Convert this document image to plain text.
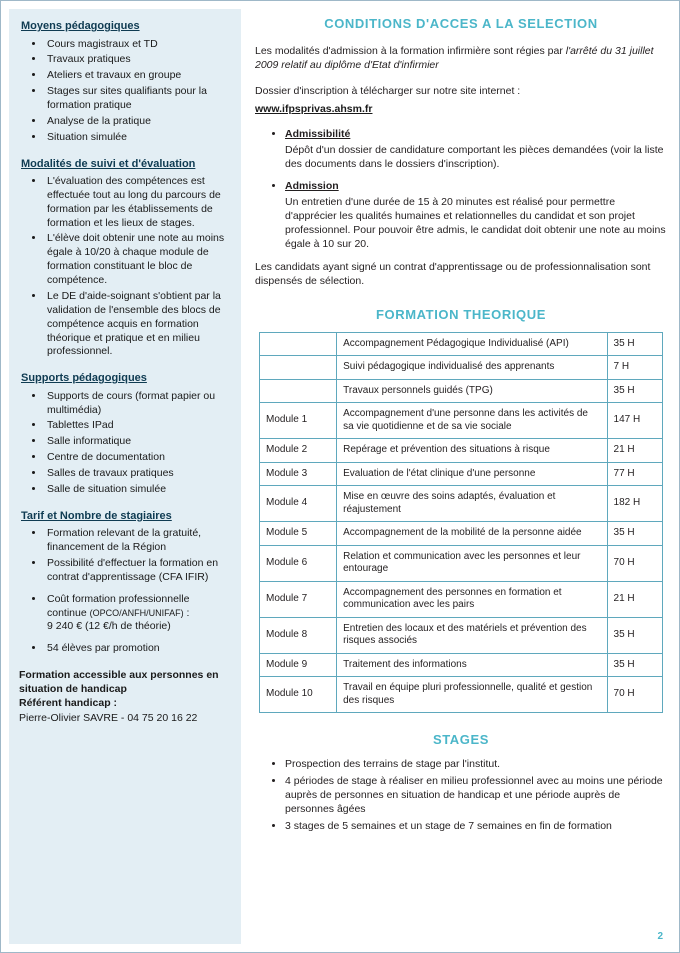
Moyens pédagogiques
• Cours magistraux et TD
• Travaux pratiques
• Ateliers et travaux en groupe
• Stages sur sites qualifiants pour la formation pratique
• Analyse de la pratique
• Situation simulée
Modalités de suivi et d'évaluation
• L'évaluation des compétences est effectuée tout au long du parcours de formation par les établissements de formation et les lieux de stages.
• L'élève doit obtenir une note au moins égale à 10/20 à chaque module de formation constituant le bloc de compétence.
• Le DE d'aide-soignant s'obtient par la validation de l'ensemble des blocs de compétence acquis en formation théorique et pratique et en milieu professionnel.
Supports pédagogiques
• Supports de cours (format papier ou multimédia)
• Tablettes IPad
• Salle informatique
• Centre de documentation
• Salles de travaux pratiques
• Salle de situation simulée
Tarif et Nombre de stagiaires
• Formation relevant de la gratuité, financement de la Région
• Possibilité d'effectuer la formation en contrat d'apprentissage (CFA IFIR)
• Coût formation professionnelle continue (OPCO/ANFH/UNIFAF) :
9 240 € (12 €/h de théorie)
• 54 élèves par promotion
Formation accessible aux personnes en situation de handicap
Référent handicap :
Pierre-Olivier SAVRE - 04 75 20 16 22
CONDITIONS D'ACCES A LA SELECTION

Les modalités d'admission à la formation infirmière sont régies par l'arrêté du 31 juillet 2009 relatif au diplôme d'Etat d'infirmier

Dossier d'inscription à télécharger sur notre site internet :

www.ifpsprivas.ahsm.fr

• Admissibilité
Dépôt d'un dossier de candidature comportant les pièces demandées (voir la liste des documents dans le dossiers d'inscription).
• Admission
Un entretien d'une durée de 15 à 20 minutes est réalisé pour permettre d'apprécier les qualités humaines et relationnelles du candidat et son projet professionnel. Pour pouvoir être admis, le candidat doit obtenir une note au moins égale à 10 sur 20.

Les candidats ayant signé un contrat d'apprentissage ou de professionnalisation sont dispensés de sélection.

FORMATION THEORIQUE
	Accompagnement Pédagogique Individualisé (API)	35 H
	Suivi pédagogique individualisé des apprenants	7 H
	Travaux personnels guidés (TPG)	35 H
Module 1	Accompagnement d'une personne dans les activités de sa vie quotidienne et de sa vie sociale	147 H
Module 2	Repérage et prévention des situations à risque	21 H
Module 3	Evaluation de l'état clinique d'une personne	77 H
Module 4	Mise en œuvre des soins adaptés, évaluation et réajustement	182 H
Module 5	Accompagnement de la mobilité de la personne aidée	35 H
Module 6	Relation et communication avec les personnes et leur entourage	70 H
Module 7	Accompagnement des personnes en formation et communication avec les pairs	21 H
Module 8	Entretien des locaux et des matériels et prévention des risques associés	35 H
Module 9	Traitement des informations	35 H
Module 10	Travail en équipe pluri professionnelle, qualité et gestion des risques	70 H
STAGES
• Prospection des terrains de stage par l'institut.
• 4 périodes de stage à réaliser en milieu professionnel avec au moins une période auprès de personnes en situation de handicap et une période auprès de personnes âgées
• 3 stages de 5 semaines et un stage de 7 semaines en fin de formation
2
